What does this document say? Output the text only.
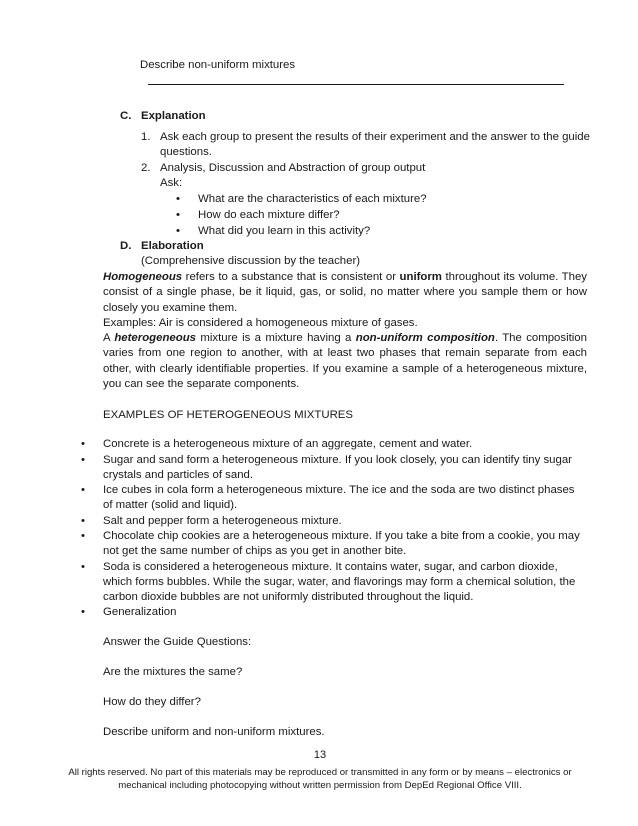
Describe non-uniform mixtures
C. Explanation
1. Ask each group to present the results of their experiment and the answer to the guide
questions.
2. Analysis, Discussion and Abstraction of group output
Ask:
• What are the characteristics of each mixture?
• How do each mixture differ?
• What did you learn in this activity?
D. Elaboration
(Comprehensive discussion by the teacher)
Homogeneous refers to a substance that is consistent or uniform throughout its volume. They consist of a single phase, be it liquid, gas, or solid, no matter where you sample them or how closely you examine them.
Examples: Air is considered a homogeneous mixture of gases.
A heterogeneous mixture is a mixture having a non-uniform composition. The composition varies from one region to another, with at least two phases that remain separate from each other, with clearly identifiable properties. If you examine a sample of a heterogeneous mixture, you can see the separate components.
EXAMPLES OF HETEROGENEOUS MIXTURES
• Concrete is a heterogeneous mixture of an aggregate, cement and water.
• Sugar and sand form a heterogeneous mixture. If you look closely, you can identify tiny sugar
crystals and particles of sand.
• Ice cubes in cola form a heterogeneous mixture. The ice and the soda are two distinct phases
of matter (solid and liquid).
• Salt and pepper form a heterogeneous mixture.
• Chocolate chip cookies are a heterogeneous mixture. If you take a bite from a cookie, you may
not get the same number of chips as you get in another bite.
• Soda is considered a heterogeneous mixture. It contains water, sugar, and carbon dioxide,
which forms bubbles. While the sugar, water, and flavorings may form a chemical solution, the
carbon dioxide bubbles are not uniformly distributed throughout the liquid.
• Generalization
Answer the Guide Questions:
Are the mixtures the same?
How do they differ?
Describe uniform and non-uniform mixtures.
13
All rights reserved. No part of this materials may be reproduced or transmitted in any form or by means – electronics or
mechanical including photocopying without written permission from DepEd Regional Office VIII.
